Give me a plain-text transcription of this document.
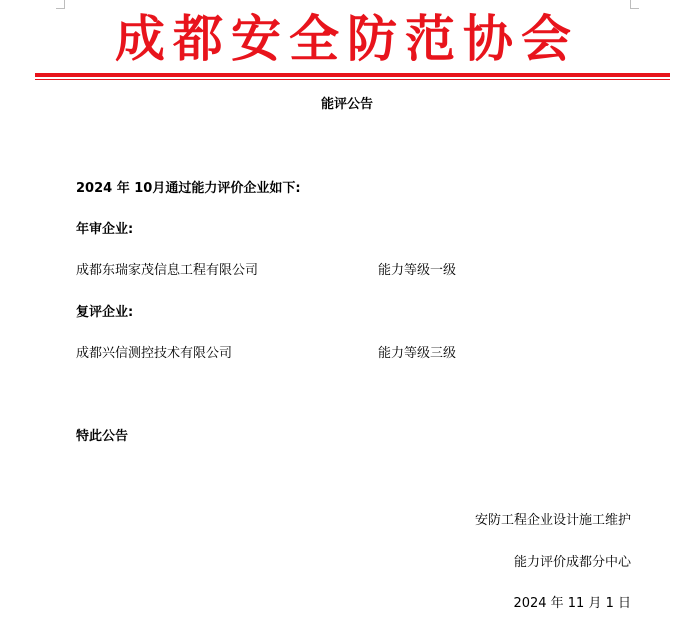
成都安全防范协会
能评公告
2024 年 10月通过能力评价企业如下:
年审企业:
成都东瑞家茂信息工程有限公司	能力等级一级
复评企业:
成都兴信测控技术有限公司	能力等级三级
特此公告
安防工程企业设计施工维护
能力评价成都分中心
2024 年 11 月 1 日
